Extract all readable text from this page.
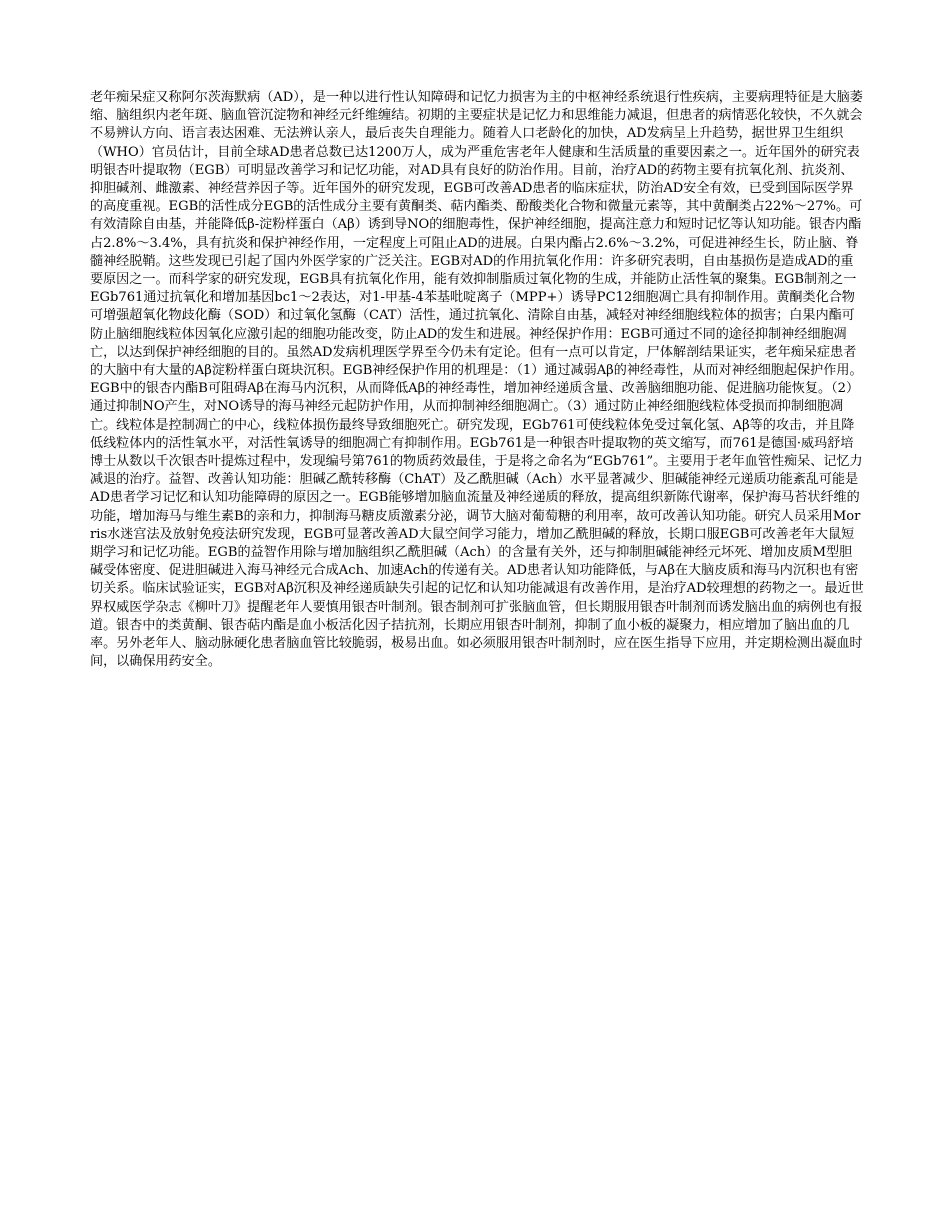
老年痴呆症又称阿尔茨海默病（AD），是一种以进行性认知障碍和记忆力损害为主的中枢神经系统退行性疾病，主要病理特征是大脑萎缩、脑组织内老年斑、脑血管沉淀物和神经元纤维缠结。初期的主要症状是记忆力和思维能力减退，但患者的病情恶化较快，不久就会不易辨认方向、语言表达困难、无法辨认亲人，最后丧失自理能力。随着人口老龄化的加快，AD发病呈上升趋势，据世界卫生组织（WHO）官员估计，目前全球AD患者总数已达1200万人，成为严重危害老年人健康和生活质量的重要因素之一。近年国外的研究表明银杏叶提取物（EGB）可明显改善学习和记忆功能，对AD具有良好的防治作用。目前，治疗AD的药物主要有抗氧化剂、抗炎剂、抑胆碱剂、雌激素、神经营养因子等。近年国外的研究发现，EGB可改善AD患者的临床症状，防治AD安全有效，已受到国际医学界的高度重视。EGB的活性成分EGB的活性成分主要有黄酮类、萜内酯类、酚酸类化合物和微量元素等，其中黄酮类占22%～27%。可有效清除自由基，并能降低β-淀粉样蛋白（Aβ）诱到导NO的细胞毒性，保护神经细胞，提高注意力和短时记忆等认知功能。银杏内酯占2.8%～3.4%，具有抗炎和保护神经作用，一定程度上可阻止AD的进展。白果内酯占2.6%～3.2%，可促进神经生长，防止脑、脊髓神经脱鞘。这些发现已引起了国内外医学家的广泛关注。EGB对AD的作用抗氧化作用：许多研究表明，自由基损伤是造成AD的重要原因之一。而科学家的研究发现，EGB具有抗氧化作用，能有效抑制脂质过氧化物的生成，并能防止活性氧的聚集。EGB制剂之一EGb761通过抗氧化和增加基因bc1～2表达，对1-甲基-4苯基吡啶离子（MPP+）诱导PC12细胞凋亡具有抑制作用。黄酮类化合物可增强超氧化物歧化酶（SOD）和过氧化氢酶（CAT）活性，通过抗氧化、清除自由基，减轻对神经细胞线粒体的损害；白果内酯可防止脑细胞线粒体因氧化应激引起的细胞功能改变，防止AD的发生和进展。神经保护作用：EGB可通过不同的途径抑制神经细胞凋亡，以达到保护神经细胞的目的。虽然AD发病机理医学界至今仍未有定论。但有一点可以肯定，尸体解剖结果证实，老年痴呆症患者的大脑中有大量的Aβ淀粉样蛋白斑块沉积。EGB神经保护作用的机理是：（1）通过减弱Aβ的神经毒性，从而对神经细胞起保护作用。EGB中的银杏内酯B可阻碍Aβ在海马内沉积，从而降低Aβ的神经毒性，增加神经递质含量、改善脑细胞功能、促进脑功能恢复。（2）通过抑制NO产生，对NO诱导的海马神经元起防护作用，从而抑制神经细胞凋亡。（3）通过防止神经细胞线粒体受损而抑制细胞凋亡。线粒体是控制凋亡的中心，线粒体损伤最终导致细胞死亡。研究发现，EGb761可使线粒体免受过氧化氢、Aβ等的攻击，并且降低线粒体内的活性氧水平，对活性氧诱导的细胞凋亡有抑制作用。EGb761是一种银杏叶提取物的英文缩写，而761是德国·威玛舒培博士从数以千次银杏叶提炼过程中，发现编号第761的物质药效最佳，于是将之命名为“EGb761”。主要用于老年血管性痴呆、记忆力减退的治疗。益智、改善认知功能：胆碱乙酰转移酶（ChAT）及乙酰胆碱（Ach）水平显著减少、胆碱能神经元递质功能紊乱可能是AD患者学习记忆和认知功能障碍的原因之一。EGB能够增加脑血流量及神经递质的释放，提高组织新陈代谢率，保护海马苔状纤维的功能，增加海马与维生素B的亲和力，抑制海马糖皮质激素分泌，调节大脑对葡萄糖的利用率，故可改善认知功能。研究人员采用Morris水迷宫法及放射免疫法研究发现，EGB可显著改善AD大鼠空间学习能力，增加乙酰胆碱的释放，长期口服EGB可改善老年大鼠短期学习和记忆功能。EGB的益智作用除与增加脑组织乙酰胆碱（Ach）的含量有关外，还与抑制胆碱能神经元坏死、增加皮质M型胆碱受体密度、促进胆碱进入海马神经元合成Ach、加速Ach的传递有关。AD患者认知功能降低，与Aβ在大脑皮质和海马内沉积也有密切关系。临床试验证实，EGB对Aβ沉积及神经递质缺失引起的记忆和认知功能减退有改善作用，是治疗AD较理想的药物之一。最近世界权威医学杂志《柳叶刀》提醒老年人要慎用银杏叶制剂。银杏制剂可扩张脑血管，但长期服用银杏叶制剂而诱发脑出血的病例也有报道。银杏中的类黄酮、银杏萜内酯是血小板活化因子拮抗剂，长期应用银杏叶制剂，抑制了血小板的凝聚力，相应增加了脑出血的几率。另外老年人、脑动脉硬化患者脑血管比较脆弱，极易出血。如必须服用银杏叶制剂时，应在医生指导下应用，并定期检测出凝血时间，以确保用药安全。
